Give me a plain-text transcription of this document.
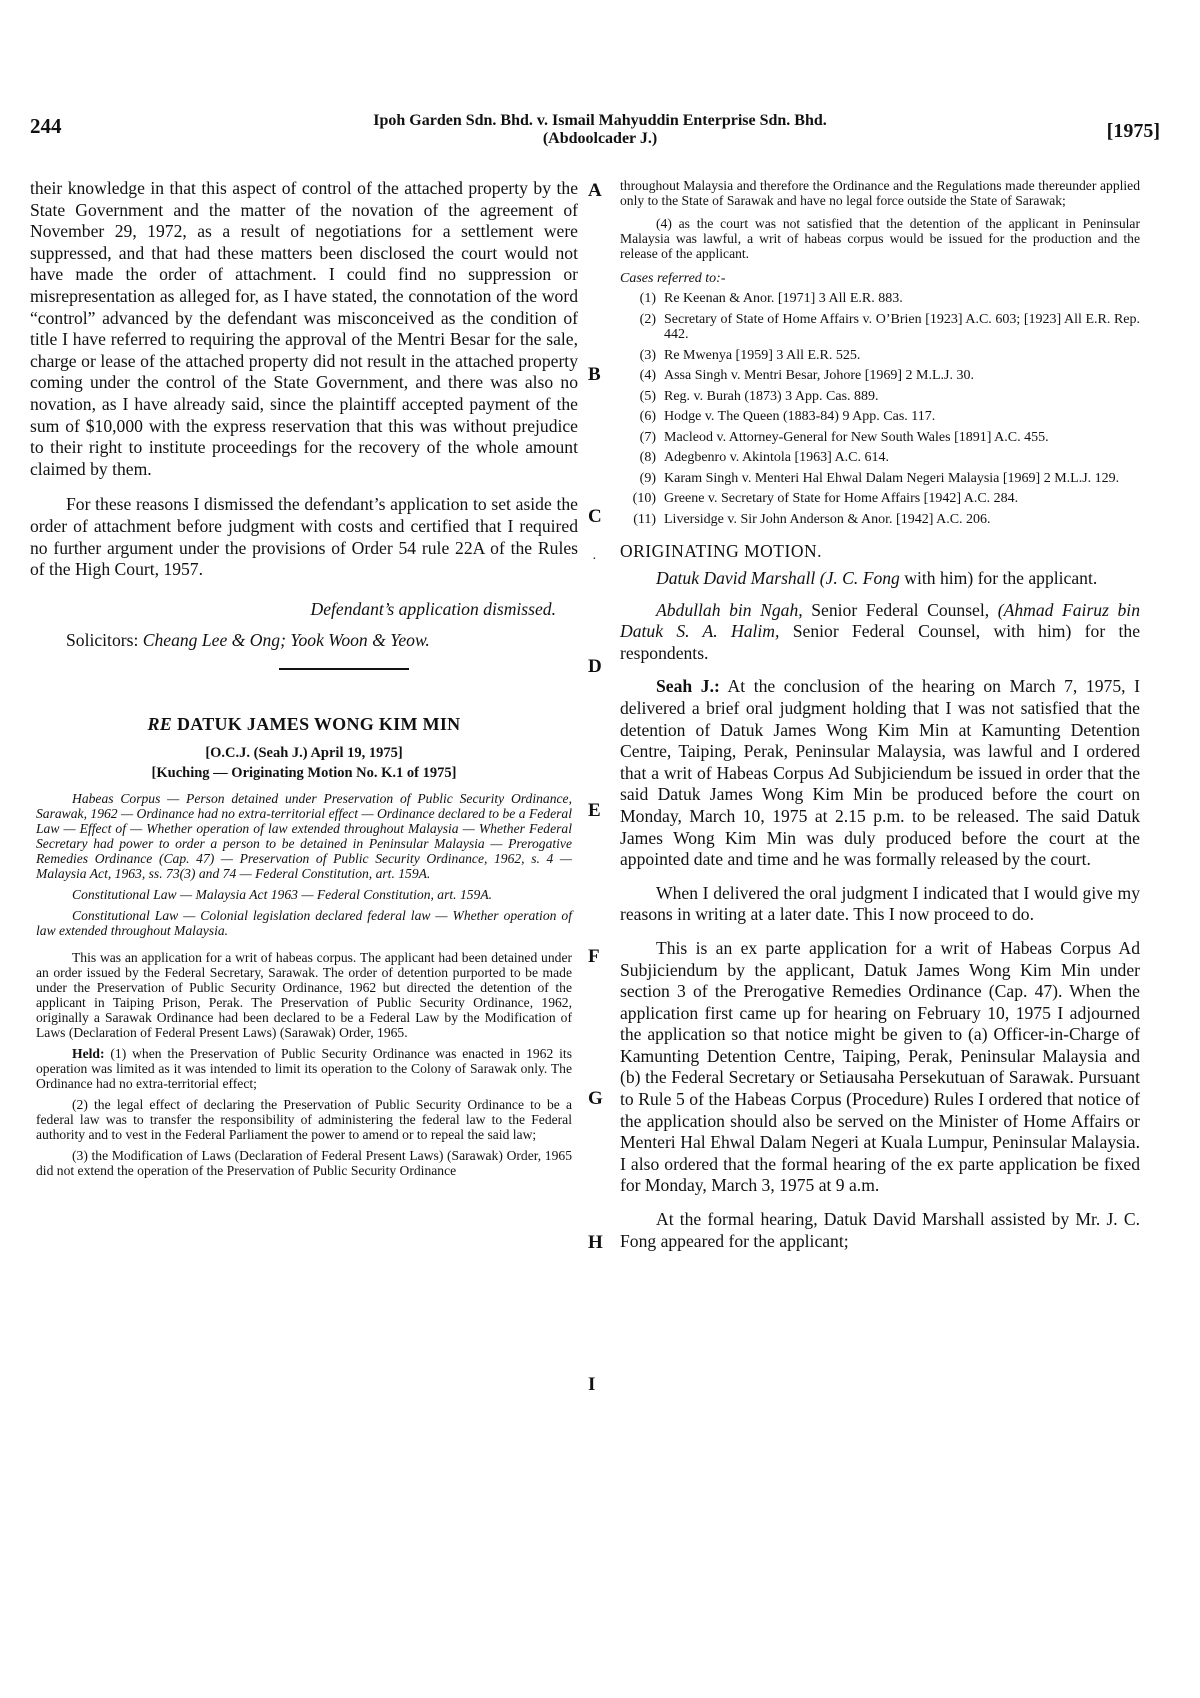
244	Ipoh Garden Sdn. Bhd. v. Ismail Mahyuddin Enterprise Sdn. Bhd.
(Abdoolcader J.)	[1975]
A
B
C
·
D
E
F
G
H
I

their knowledge in that this aspect of control of the attached property by the State Government and the matter of the novation of the agreement of November 29, 1972, as a result of negotiations for a settlement were suppressed, and that had these matters been disclosed the court would not have made the order of attachment. I could find no suppression or misrepresentation as alleged for, as I have stated, the connotation of the word “control” advanced by the defendant was misconceived as the condition of title I have referred to requiring the approval of the Mentri Besar for the sale, charge or lease of the attached property did not result in the attached property coming under the control of the State Government, and there was also no novation, as I have already said, since the plaintiff accepted payment of the sum of $10,000 with the express reservation that this was without prejudice to their right to institute proceedings for the recovery of the whole amount claimed by them.

For these reasons I dismissed the defendant’s application to set aside the order of attachment before judgment with costs and certified that I required no further argument under the provisions of Order 54 rule 22A of the Rules of the High Court, 1957.

Defendant’s application dismissed.

Solicitors: Cheang Lee & Ong; Yook Woon & Yeow.

RE DATUK JAMES WONG KIM MIN
[O.C.J. (Seah J.) April 19, 1975]
[Kuching — Originating Motion No. K.1 of 1975]

Habeas Corpus — Person detained under Preservation of Public Security Ordinance, Sarawak, 1962 — Ordinance had no extra-territorial effect — Ordinance declared to be a Federal Law — Effect of — Whether operation of law extended throughout Malaysia — Whether Federal Secretary had power to order a person to be detained in Peninsular Malaysia — Prerogative Remedies Ordinance (Cap. 47) — Preservation of Public Security Ordinance, 1962, s. 4 — Malaysia Act, 1963, ss. 73(3) and 74 — Federal Constitution, art. 159A.

Constitutional Law — Malaysia Act 1963 — Federal Constitution, art. 159A.

Constitutional Law — Colonial legislation declared federal law — Whether operation of law extended throughout Malaysia.

This was an application for a writ of habeas corpus. The applicant had been detained under an order issued by the Federal Secretary, Sarawak. The order of detention purported to be made under the Preservation of Public Security Ordinance, 1962 but directed the detention of the applicant in Taiping Prison, Perak. The Preservation of Public Security Ordinance, 1962, originally a Sarawak Ordinance had been declared to be a Federal Law by the Modification of Laws (Declaration of Federal Present Laws) (Sarawak) Order, 1965.

Held: (1) when the Preservation of Public Security Ordinance was enacted in 1962 its operation was limited as it was intended to limit its operation to the Colony of Sarawak only. The Ordinance had no extra-territorial effect;

(2) the legal effect of declaring the Preservation of Public Security Ordinance to be a federal law was to transfer the responsibility of administering the federal law to the Federal authority and to vest in the Federal Parliament the power to amend or to repeal the said law;

(3) the Modification of Laws (Declaration of Federal Present Laws) (Sarawak) Order, 1965 did not extend the operation of the Preservation of Public Security Ordinance

throughout Malaysia and therefore the Ordinance and the Regulations made thereunder applied only to the State of Sarawak and have no legal force outside the State of Sarawak;

(4) as the court was not satisfied that the detention of the applicant in Peninsular Malaysia was lawful, a writ of habeas corpus would be issued for the production and the release of the applicant.

Cases referred to:-
(1) Re Keenan & Anor. [1971] 3 All E.R. 883.
(2) Secretary of State of Home Affairs v. O’Brien [1923] A.C. 603; [1923] All E.R. Rep. 442.
(3) Re Mwenya [1959] 3 All E.R. 525.
(4) Assa Singh v. Mentri Besar, Johore [1969] 2 M.L.J. 30.
(5) Reg. v. Burah (1873) 3 App. Cas. 889.
(6) Hodge v. The Queen (1883-84) 9 App. Cas. 117.
(7) Macleod v. Attorney-General for New South Wales [1891] A.C. 455.
(8) Adegbenro v. Akintola [1963] A.C. 614.
(9) Karam Singh v. Menteri Hal Ehwal Dalam Negeri Malaysia [1969] 2 M.L.J. 129.
(10) Greene v. Secretary of State for Home Affairs [1942] A.C. 284.
(11) Liversidge v. Sir John Anderson & Anor. [1942] A.C. 206.
ORIGINATING MOTION.

Datuk David Marshall (J. C. Fong with him) for the applicant.

Abdullah bin Ngah, Senior Federal Counsel, (Ahmad Fairuz bin Datuk S. A. Halim, Senior Federal Counsel, with him) for the respondents.

Seah J.: At the conclusion of the hearing on March 7, 1975, I delivered a brief oral judgment holding that I was not satisfied that the detention of Datuk James Wong Kim Min at Kamunting Detention Centre, Taiping, Perak, Peninsular Malaysia, was lawful and I ordered that a writ of Habeas Corpus Ad Subjiciendum be issued in order that the said Datuk James Wong Kim Min be produced before the court on Monday, March 10, 1975 at 2.15 p.m. to be released. The said Datuk James Wong Kim Min was duly produced before the court at the appointed date and time and he was formally released by the court.

When I delivered the oral judgment I indicated that I would give my reasons in writing at a later date. This I now proceed to do.

This is an ex parte application for a writ of Habeas Corpus Ad Subjiciendum by the applicant, Datuk James Wong Kim Min under section 3 of the Prerogative Remedies Ordinance (Cap. 47). When the application first came up for hearing on February 10, 1975 I adjourned the application so that notice might be given to (a) Officer-in-Charge of Kamunting Detention Centre, Taiping, Perak, Peninsular Malaysia and (b) the Federal Secretary or Setiausaha Persekutuan of Sarawak. Pursuant to Rule 5 of the Habeas Corpus (Procedure) Rules I ordered that notice of the application should also be served on the Minister of Home Affairs or Menteri Hal Ehwal Dalam Negeri at Kuala Lumpur, Peninsular Malaysia. I also ordered that the formal hearing of the ex parte application be fixed for Monday, March 3, 1975 at 9 a.m.

At the formal hearing, Datuk David Marshall assisted by Mr. J. C. Fong appeared for the applicant;
